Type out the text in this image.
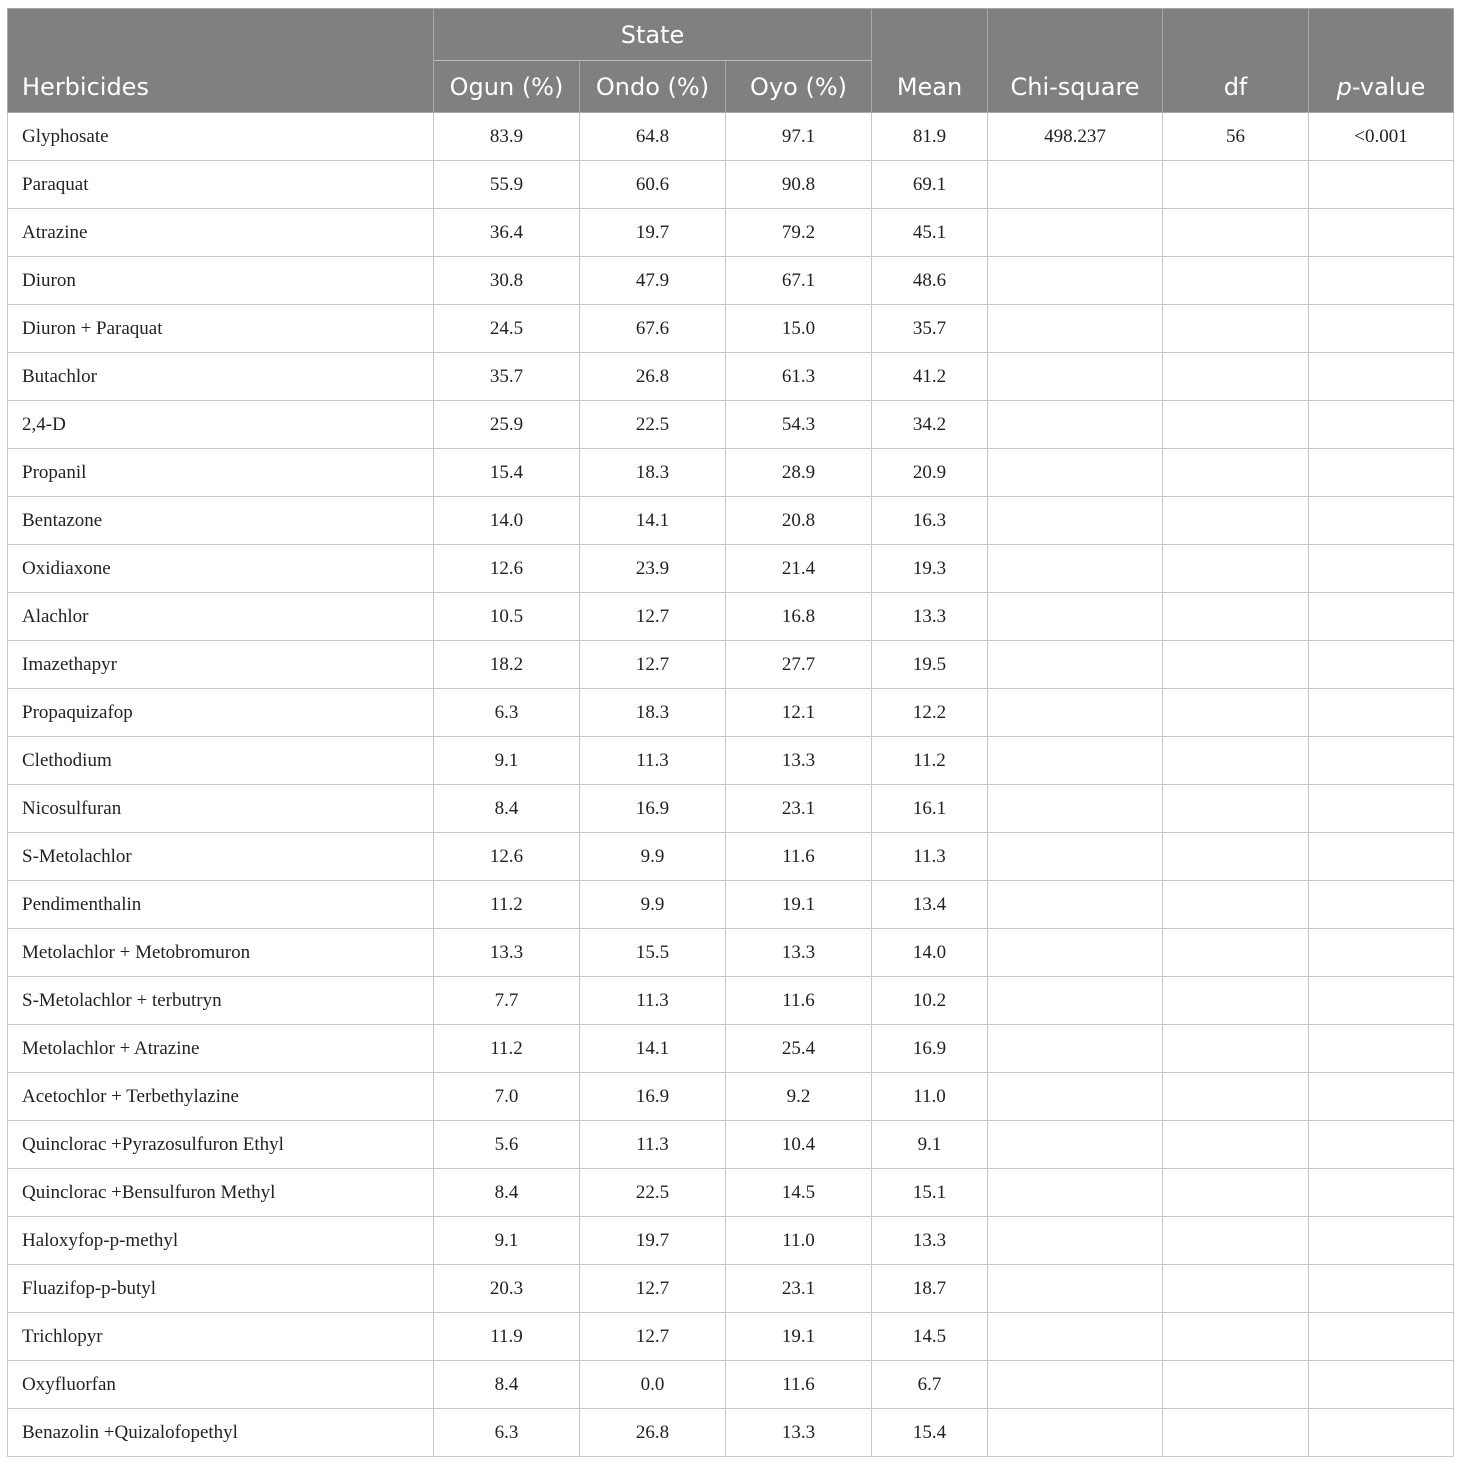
Herbicides	State			Mean	Chi-square	df	p-value
	Ogun (%)	Ondo (%)	Oyo (%)				
Glyphosate	83.9	64.8	97.1	81.9	498.237	56	<0.001
Paraquat	55.9	60.6	90.8	69.1			
Atrazine	36.4	19.7	79.2	45.1			
Diuron	30.8	47.9	67.1	48.6			
Diuron + Paraquat	24.5	67.6	15.0	35.7			
Butachlor	35.7	26.8	61.3	41.2			
2,4-D	25.9	22.5	54.3	34.2			
Propanil	15.4	18.3	28.9	20.9			
Bentazone	14.0	14.1	20.8	16.3			
Oxidiaxone	12.6	23.9	21.4	19.3			
Alachlor	10.5	12.7	16.8	13.3			
Imazethapyr	18.2	12.7	27.7	19.5			
Propaquizafop	6.3	18.3	12.1	12.2			
Clethodium	9.1	11.3	13.3	11.2			
Nicosulfuran	8.4	16.9	23.1	16.1			
S-Metolachlor	12.6	9.9	11.6	11.3			
Pendimenthalin	11.2	9.9	19.1	13.4			
Metolachlor + Metobromuron	13.3	15.5	13.3	14.0			
S-Metolachlor + terbutryn	7.7	11.3	11.6	10.2			
Metolachlor + Atrazine	11.2	14.1	25.4	16.9			
Acetochlor + Terbethylazine	7.0	16.9	9.2	11.0			
Quinclorac +Pyrazosulfuron Ethyl	5.6	11.3	10.4	9.1			
Quinclorac +Bensulfuron Methyl	8.4	22.5	14.5	15.1			
Haloxyfop-p-methyl	9.1	19.7	11.0	13.3			
Fluazifop-p-butyl	20.3	12.7	23.1	18.7			
Trichlopyr	11.9	12.7	19.1	14.5			
Oxyfluorfan	8.4	0.0	11.6	6.7			
Benazolin +Quizalofopethyl	6.3	26.8	13.3	15.4			
